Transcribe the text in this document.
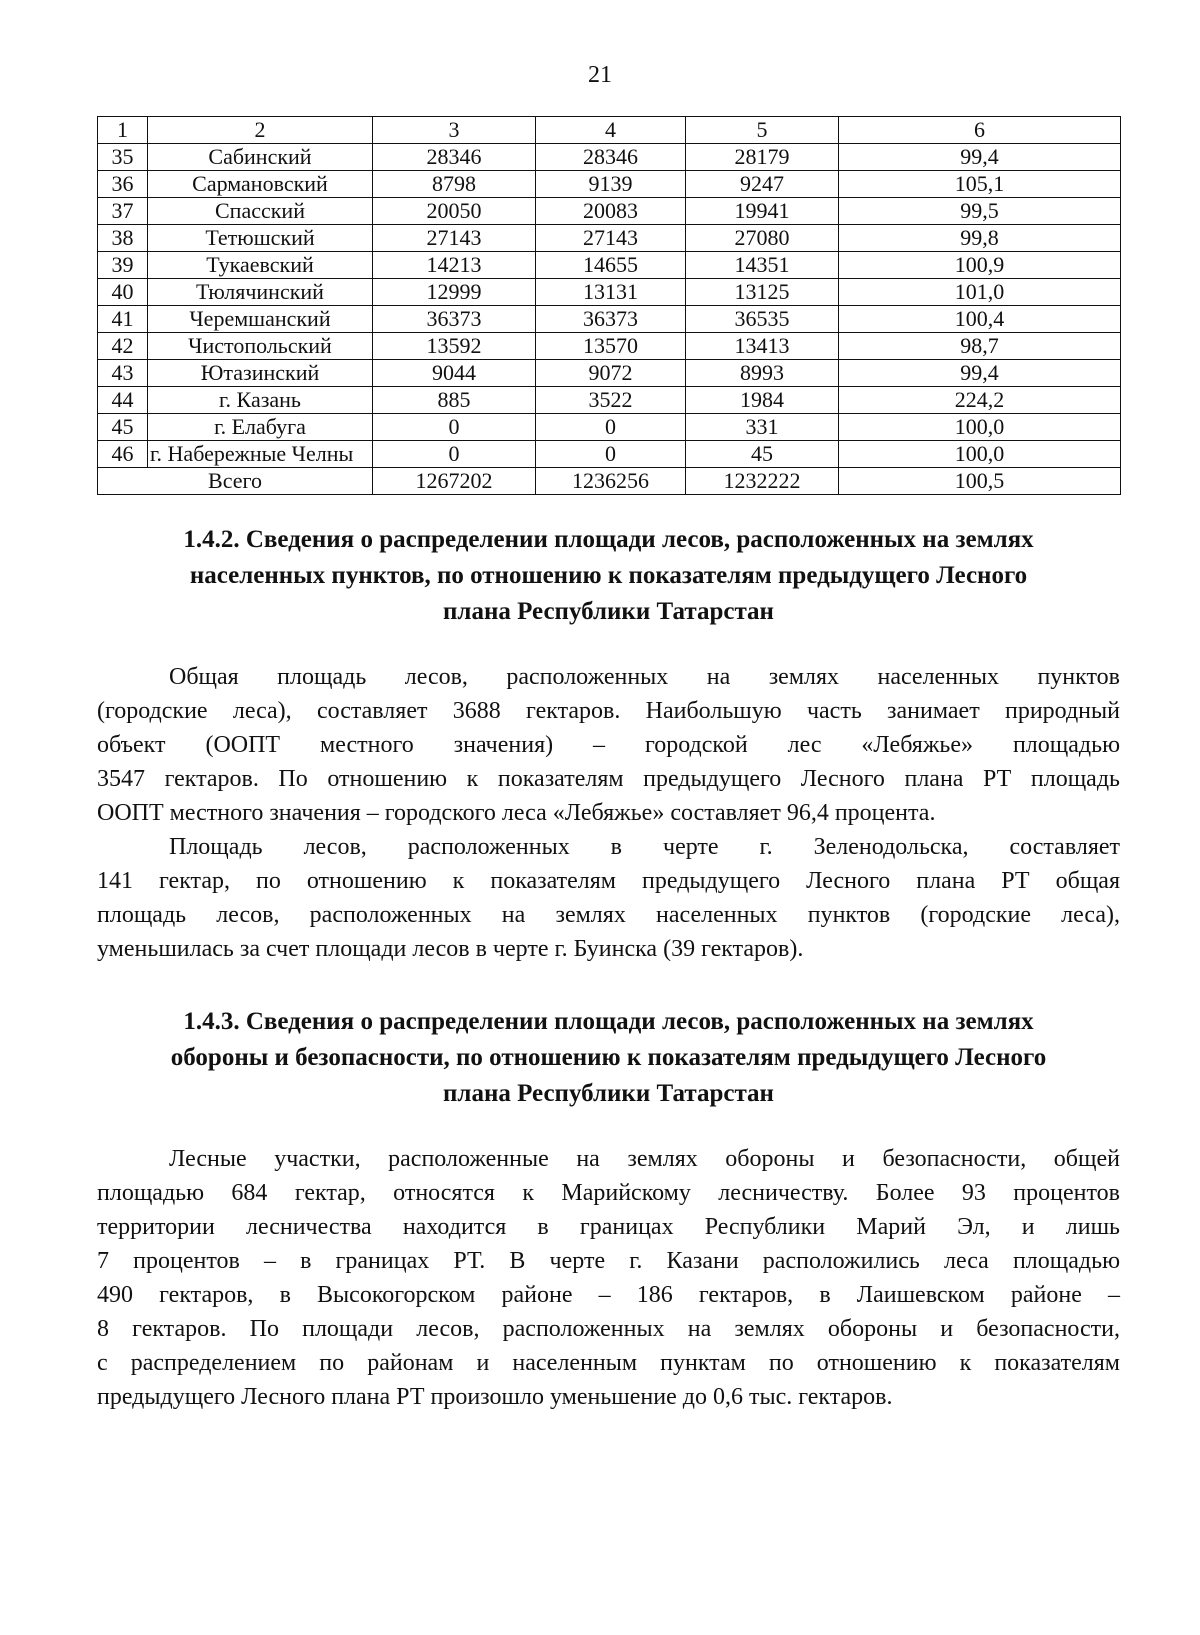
21
1	2	3	4	5	6
35	Сабинский	28346	28346	28179	99,4
36	Сармановский	8798	9139	9247	105,1
37	Спасский	20050	20083	19941	99,5
38	Тетюшский	27143	27143	27080	99,8
39	Тукаевский	14213	14655	14351	100,9
40	Тюлячинский	12999	13131	13125	101,0
41	Черемшанский	36373	36373	36535	100,4
42	Чистопольский	13592	13570	13413	98,7
43	Ютазинский	9044	9072	8993	99,4
44	г. Казань	885	3522	1984	224,2
45	г. Елабуга	0	0	331	100,0
46	г. Набережные Челны	0	0	45	100,0
Всего		1267202	1236256	1232222	100,5
1.4.2. Сведения о распределении площади лесов, расположенных на землях
населенных пунктов, по отношению к показателям предыдущего Лесного
плана Республики Татарстан
Общая площадь лесов, расположенных на землях населенных пунктов
(городские леса), составляет 3688 гектаров. Наибольшую часть занимает природный
объект (ООПТ местного значения) – городской лес «Лебяжье» площадью
3547 гектаров. По отношению к показателям предыдущего Лесного плана РТ площадь
ООПТ местного значения – городского леса «Лебяжье» составляет 96,4 процента.
Площадь лесов, расположенных в черте г. Зеленодольска, составляет
141 гектар, по отношению к показателям предыдущего Лесного плана РТ общая
площадь лесов, расположенных на землях населенных пунктов (городские леса),
уменьшилась за счет площади лесов в черте г. Буинска (39 гектаров).
1.4.3. Сведения о распределении площади лесов, расположенных на землях
обороны и безопасности, по отношению к показателям предыдущего Лесного
плана Республики Татарстан
Лесные участки, расположенные на землях обороны и безопасности, общей
площадью 684 гектар, относятся к Марийскому лесничеству. Более 93 процентов
территории лесничества находится в границах Республики Марий Эл, и лишь
7 процентов – в границах РТ. В черте г. Казани расположились леса площадью
490 гектаров, в Высокогорском районе – 186 гектаров, в Лаишевском районе –
8 гектаров. По площади лесов, расположенных на землях обороны и безопасности,
с распределением по районам и населенным пунктам по отношению к показателям
предыдущего Лесного плана РТ произошло уменьшение до 0,6 тыс. гектаров.
